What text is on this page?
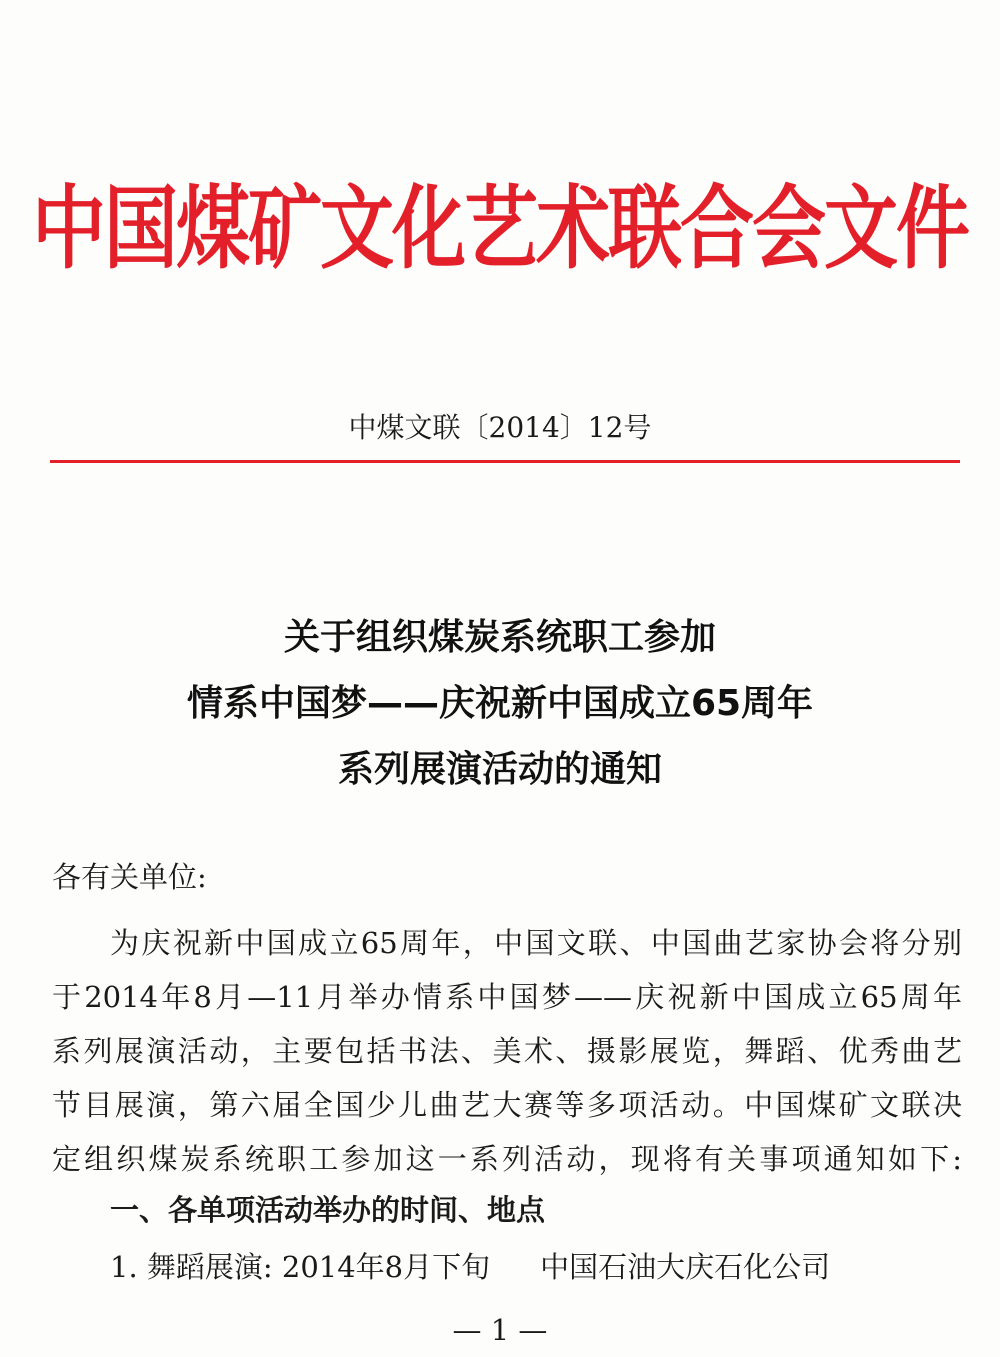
中国煤矿文化艺术联合会文件
中煤文联〔2014〕12号
关于组织煤炭系统职工参加
情系中国梦——庆祝新中国成立65周年
系列展演活动的通知
各有关单位:
为庆祝新中国成立65周年，中国文联、中国曲艺家协会将分别
于2014年8月—11月举办情系中国梦——庆祝新中国成立65周年
系列展演活动，主要包括书法、美术、摄影展览，舞蹈、优秀曲艺
节目展演，第六届全国少儿曲艺大赛等多项活动。中国煤矿文联决
定组织煤炭系统职工参加这一系列活动，现将有关事项通知如下:
一、各单项活动举办的时间、地点
1. 舞蹈展演: 2014年8月下旬 中国石油大庆石化公司
— 1 —
